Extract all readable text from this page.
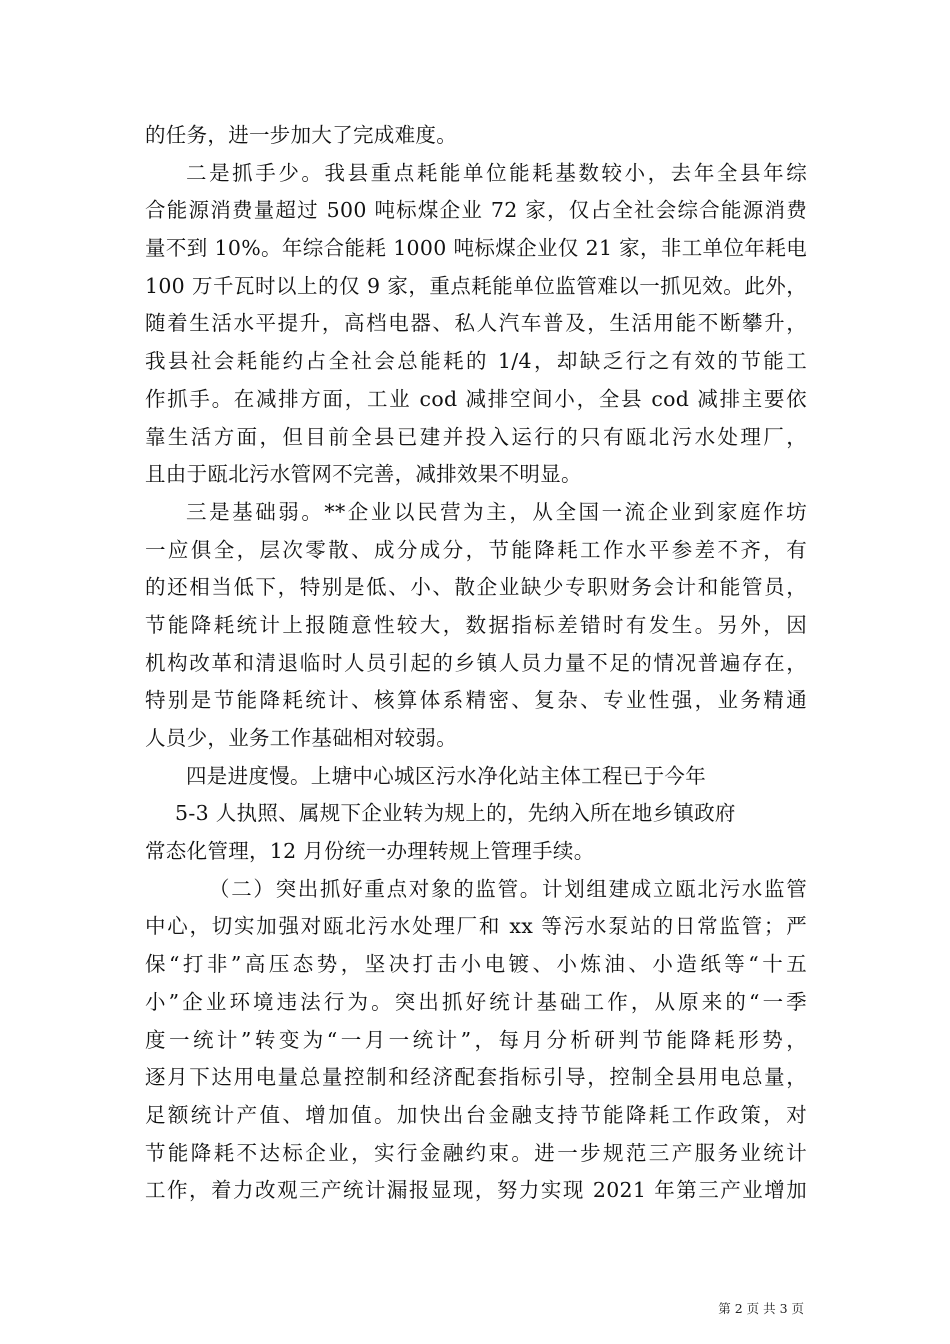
的任务，进一步加大了完成难度。
二是抓手少。我县重点耗能单位能耗基数较小，去年全县年综
合能源消费量超过 500 吨标煤企业 72 家，仅占全社会综合能源消费
量不到 10%。年综合能耗 1000 吨标煤企业仅 21 家，非工单位年耗电
100 万千瓦时以上的仅 9 家，重点耗能单位监管难以一抓见效。此外，
随着生活水平提升，高档电器、私人汽车普及，生活用能不断攀升，
我县社会耗能约占全社会总能耗的 1/4，却缺乏行之有效的节能工
作抓手。在减排方面，工业 cod 减排空间小，全县 cod 减排主要依
靠生活方面，但目前全县已建并投入运行的只有瓯北污水处理厂，
且由于瓯北污水管网不完善，减排效果不明显。
三是基础弱。**企业以民营为主，从全国一流企业到家庭作坊
一应俱全，层次零散、成分成分，节能降耗工作水平参差不齐，有
的还相当低下，特别是低、小、散企业缺少专职财务会计和能管员，
节能降耗统计上报随意性较大，数据指标差错时有发生。另外，因
机构改革和清退临时人员引起的乡镇人员力量不足的情况普遍存在，
特别是节能降耗统计、核算体系精密、复杂、专业性强，业务精通
人员少，业务工作基础相对较弱。
四是进度慢。上塘中心城区污水净化站主体工程已于今年
5-3 人执照、属规下企业转为规上的，先纳入所在地乡镇政府
常态化管理，12 月份统一办理转规上管理手续。
（二）突出抓好重点对象的监管。计划组建成立瓯北污水监管
中心，切实加强对瓯北污水处理厂和 xx 等污水泵站的日常监管；严
保“打非”高压态势，坚决打击小电镀、小炼油、小造纸等“十五
小”企业环境违法行为。突出抓好统计基础工作，从原来的“一季
度一统计”转变为“一月一统计”，每月分析研判节能降耗形势，
逐月下达用电量总量控制和经济配套指标引导，控制全县用电总量，
足额统计产值、增加值。加快出台金融支持节能降耗工作政策，对
节能降耗不达标企业，实行金融约束。进一步规范三产服务业统计
工作，着力改观三产统计漏报显现，努力实现 2021 年第三产业增加
第 2 页 共 3 页
